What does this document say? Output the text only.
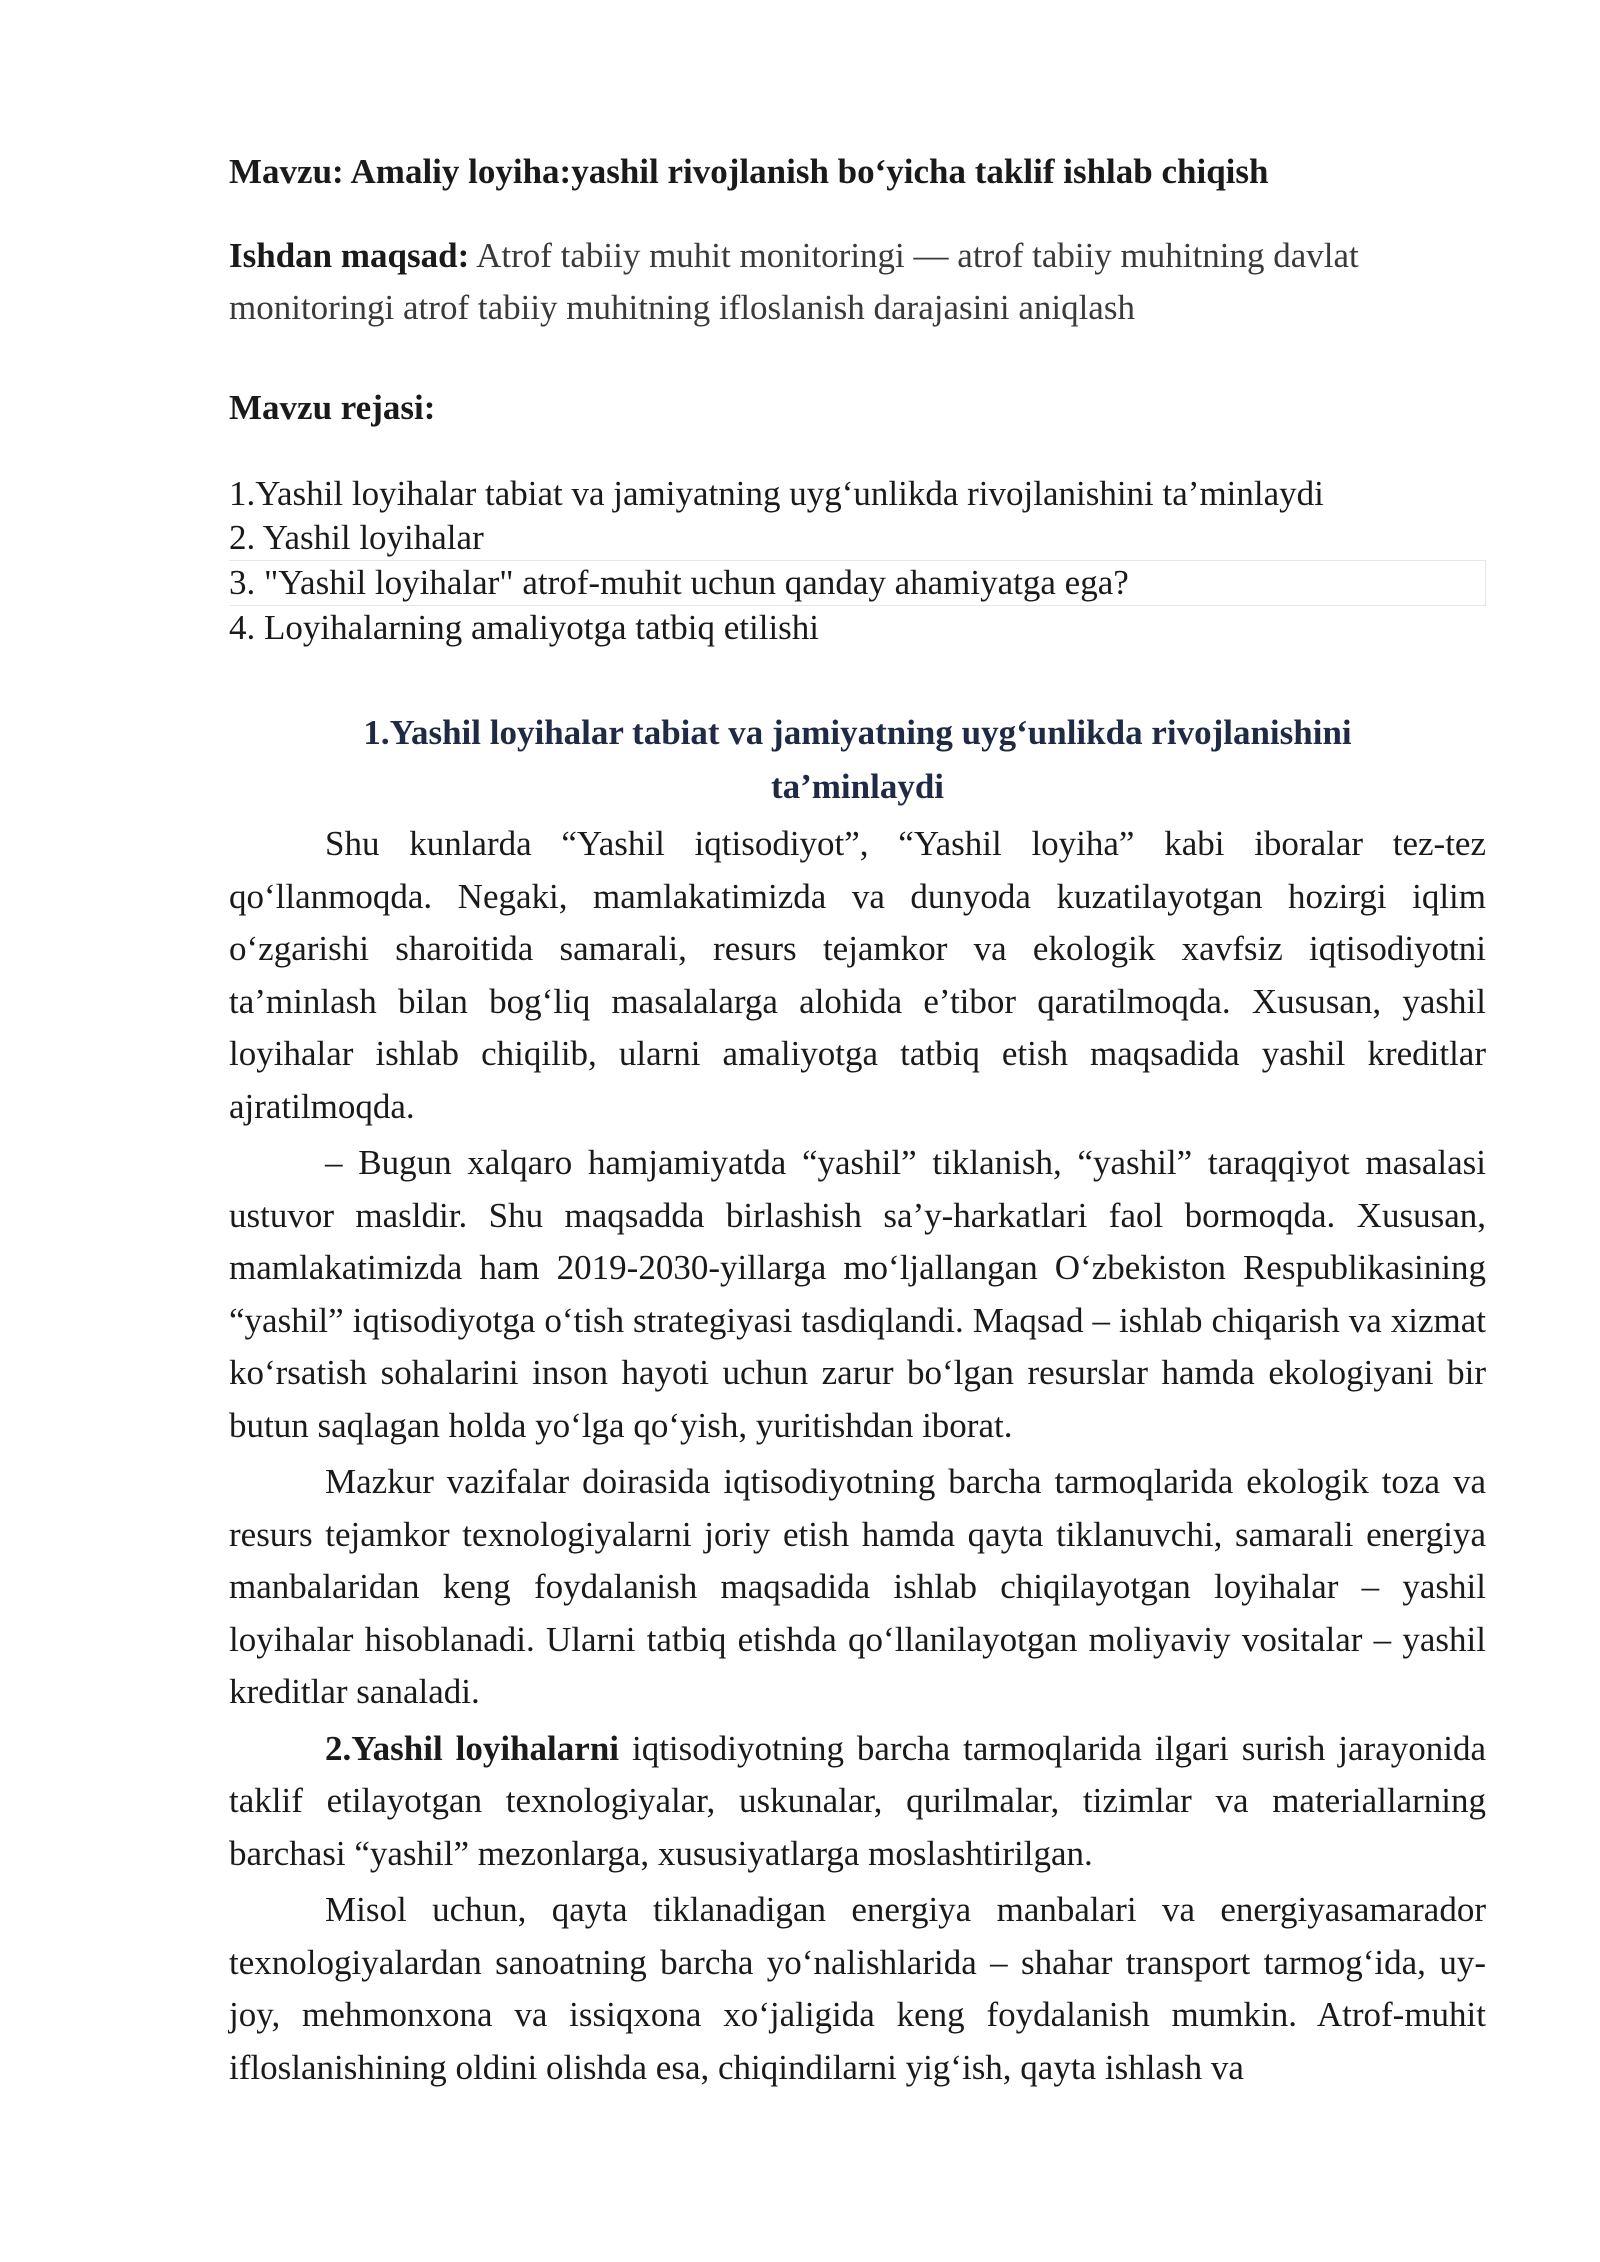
Mavzu: Amaliy loyiha:yashil rivojlanish bo‘yicha taklif ishlab chiqish

Ishdan maqsad: Atrof tabiiy muhit monitoringi — atrof tabiiy muhitning davlat monitoringi atrof tabiiy muhitning ifloslanish darajasini aniqlash

Mavzu rejasi:

1.Yashil loyihalar tabiat va jamiyatning uyg‘unlikda rivojlanishini ta’minlaydi
2. Yashil loyihalar
3. "Yashil loyihalar" atrof-muhit uchun qanday ahamiyatga ega?
4. Loyihalarning amaliyotga tatbiq etilishi
1.Yashil loyihalar tabiat va jamiyatning uyg‘unlikda rivojlanishini
ta’minlaydi

Shu kunlarda “Yashil iqtisodiyot”, “Yashil loyiha” kabi iboralar tez-tez qo‘llanmoqda. Negaki, mamlakatimizda va dunyoda kuzatilayotgan hozirgi iqlim o‘zgarishi sharoitida samarali, resurs tejamkor va ekologik xavfsiz iqtisodiyotni ta’minlash bilan bog‘liq masalalarga alohida e’tibor qaratilmoqda. Xususan, yashil loyihalar ishlab chiqilib, ularni amaliyotga tatbiq etish maqsadida yashil kreditlar ajratilmoqda.

– Bugun xalqaro hamjamiyatda “yashil” tiklanish, “yashil” taraqqiyot masalasi ustuvor masldir. Shu maqsadda birlashish sa’y-harkatlari faol bormoqda. Xususan, mamlakatimizda ham 2019-2030-yillarga mo‘ljallangan O‘zbekiston Respublikasining “yashil” iqtisodiyotga o‘tish strategiyasi tasdiqlandi. Maqsad – ishlab chiqarish va xizmat ko‘rsatish sohalarini inson hayoti uchun zarur bo‘lgan resurslar hamda ekologiyani bir butun saqlagan holda yo‘lga qo‘yish, yuritishdan iborat.

Mazkur vazifalar doirasida iqtisodiyotning barcha tarmoqlarida ekologik toza va resurs tejamkor texnologiyalarni joriy etish hamda qayta tiklanuvchi, samarali energiya manbalaridan keng foydalanish maqsadida ishlab chiqilayotgan loyihalar – yashil loyihalar hisoblanadi. Ularni tatbiq etishda qo‘llanilayotgan moliyaviy vositalar – yashil kreditlar sanaladi.

2.Yashil loyihalarni iqtisodiyotning barcha tarmoqlarida ilgari surish jarayonida taklif etilayotgan texnologiyalar, uskunalar, qurilmalar, tizimlar va materiallarning barchasi “yashil” mezonlarga, xususiyatlarga moslashtirilgan.

Misol uchun, qayta tiklanadigan energiya manbalari va energiyasamarador texnologiyalardan sanoatning barcha yo‘nalishlarida – shahar transport tarmog‘ida, uy-joy, mehmonxona va issiqxona xo‘jaligida keng foydalanish mumkin. Atrof-muhit ifloslanishining oldini olishda esa, chiqindilarni yig‘ish, qayta ishlash va
